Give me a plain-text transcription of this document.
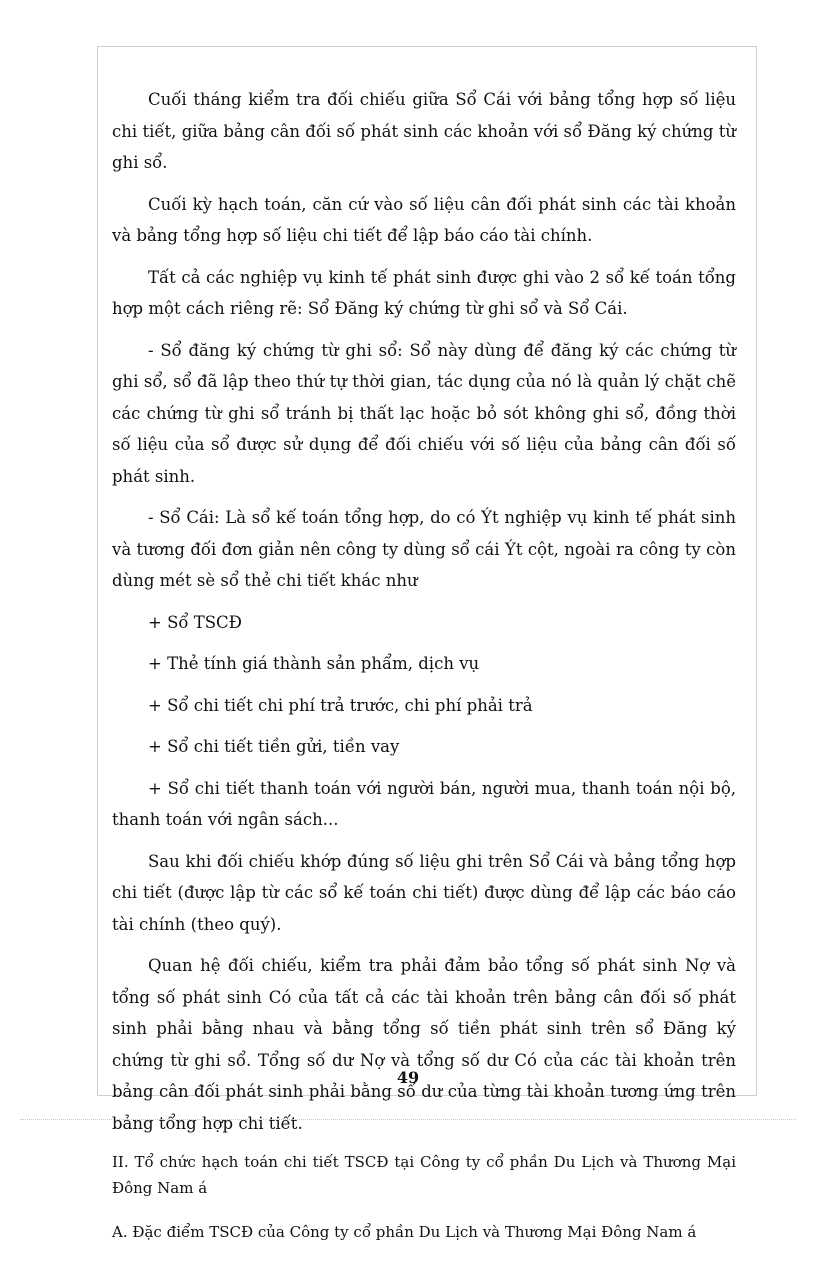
Cuối tháng kiểm tra đối chiếu giữa Sổ Cái với bảng tổng hợp số liệu chi tiết, giữa bảng cân đối số phát sinh các khoản với sổ Đăng ký chứng từ ghi sổ.

Cuối kỳ hạch toán, căn cứ vào số liệu cân đối phát sinh các tài khoản và bảng tổng hợp số liệu chi tiết để lập báo cáo tài chính.

Tất cả các nghiệp vụ kinh tế phát sinh được ghi vào 2 sổ kế toán tổng hợp một cách riêng rẽ: Sổ Đăng ký chứng từ ghi sổ và Sổ Cái.

- Sổ đăng ký chứng từ ghi sổ: Sổ này dùng để đăng ký các chứng từ ghi sổ, sổ đã lập theo thứ tự thời gian, tác dụng của nó là quản lý chặt chẽ các chứng từ ghi sổ tránh bị thất lạc hoặc bỏ sót không ghi sổ, đồng thời số liệu của sổ được sử dụng để đối chiếu với số liệu của bảng cân đối số phát sinh.

- Sổ Cái: Là sổ kế toán tổng hợp, do có Ýt nghiệp vụ kinh tế phát sinh và tương đối đơn giản nên công ty dùng sổ cái Ýt cột, ngoài ra công ty còn dùng mét sè sổ thẻ chi tiết khác như

+ Sổ TSCĐ

+ Thẻ tính giá thành sản phẩm, dịch vụ

+ Sổ chi tiết chi phí trả trước, chi phí phải trả

+ Sổ chi tiết tiền gửi, tiền vay

+ Sổ chi tiết thanh toán với người bán, người mua, thanh toán nội bộ, thanh toán với ngân sách...

Sau khi đối chiếu khớp đúng số liệu ghi trên Sổ Cái và bảng tổng hợp chi tiết (được lập từ các sổ kế toán chi tiết) được dùng để lập các báo cáo tài chính (theo quý).

Quan hệ đối chiếu, kiểm tra phải đảm bảo tổng số phát sinh Nợ và tổng số phát sinh Có của tất cả các tài khoản trên bảng cân đối số phát sinh phải bằng nhau và bằng tổng số tiền phát sinh trên sổ Đăng ký chứng từ ghi sổ. Tổng số dư Nợ và tổng số dư Có của các tài khoản trên bảng cân đối phát sinh phải bằng số dư của từng tài khoản tương ứng trên bảng tổng hợp chi tiết.

II. Tổ chức hạch toán chi tiết TSCĐ tại Công ty cổ phần Du Lịch và Thương Mại Đông Nam á

A. Đặc điểm TSCĐ của Công ty cổ phần Du Lịch và Thương Mại Đông Nam á

49
